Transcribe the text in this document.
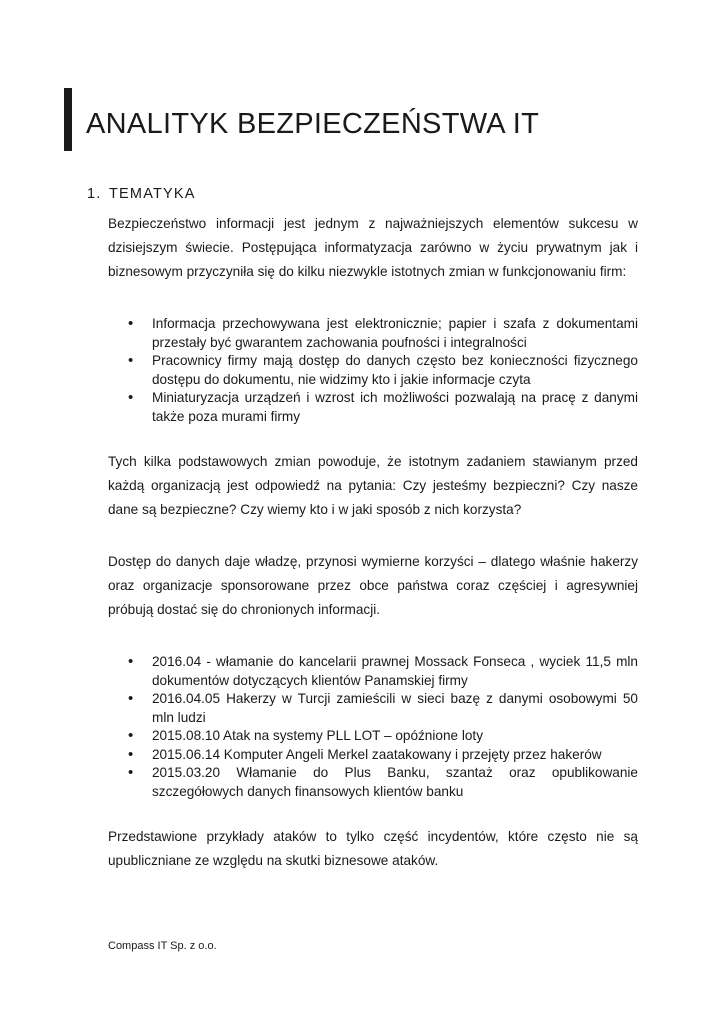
ANALITYK BEZPIECZEŃSTWA IT
1. TEMATYKA

Bezpieczeństwo informacji jest jednym z najważniejszych elementów sukcesu w dzisiejszym świecie. Postępująca informatyzacja zarówno w życiu prywatnym jak i biznesowym przyczyniła się do kilku niezwykle istotnych zmian w funkcjonowaniu firm:

• Informacja przechowywana jest elektronicznie; papier i szafa z dokumentami przestały być gwarantem zachowania poufności i integralności
• Pracownicy firmy mają dostęp do danych często bez konieczności fizycznego dostępu do dokumentu, nie widzimy kto i jakie informacje czyta
• Miniaturyzacja urządzeń i wzrost ich możliwości pozwalają na pracę z danymi także poza murami firmy

Tych kilka podstawowych zmian powoduje, że istotnym zadaniem stawianym przed każdą organizacją jest odpowiedź na pytania: Czy jesteśmy bezpieczni? Czy nasze dane są bezpieczne? Czy wiemy kto i w jaki sposób z nich korzysta?

Dostęp do danych daje władzę, przynosi wymierne korzyści – dlatego właśnie hakerzy oraz organizacje sponsorowane przez obce państwa coraz częściej i agresywniej próbują dostać się do chronionych informacji.

• 2016.04 - włamanie do kancelarii prawnej Mossack Fonseca , wyciek 11,5 mln dokumentów dotyczących klientów Panamskiej firmy
• 2016.04.05 Hakerzy w Turcji zamieścili w sieci bazę z danymi osobowymi 50 mln ludzi
• 2015.08.10 Atak na systemy PLL LOT – opóźnione loty
• 2015.06.14 Komputer Angeli Merkel zaatakowany i przejęty przez hakerów
• 2015.03.20 Włamanie do Plus Banku, szantaż oraz opublikowanie szczegółowych danych finansowych klientów banku

Przedstawione przykłady ataków to tylko część incydentów, które często nie są upubliczniane ze względu na skutki biznesowe ataków.

Compass IT Sp. z o.o.
